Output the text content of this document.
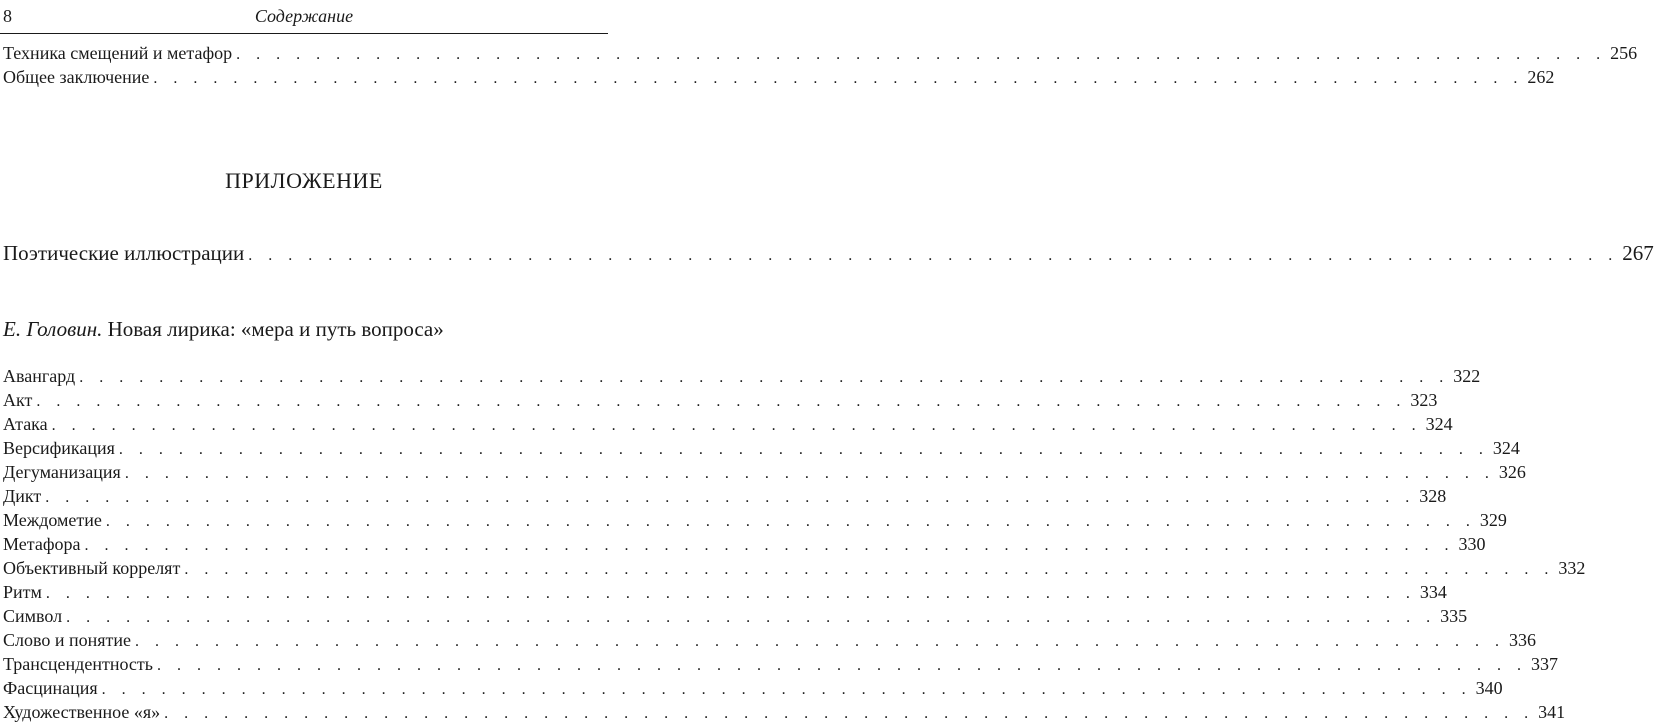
8	Содержание
Техника смещений и метафор . . . . . . . . . . . . . . . . . . . . . . . . . . . . . . . . . . . . . . . . . . . . . . . . . . . . . . . . . . . . . . . . . . . . . 256
Общее заключение . . . . . . . . . . . . . . . . . . . . . . . . . . . . . . . . . . . . . . . . . . . . . . . . . . . . . . . . . . . . . . . . . . . . . 262
ПРИЛОЖЕНИЕ
Поэтические иллюстрации . . . . . . . . . . . . . . . . . . . . . . . . . . . . . . . . . . . . . . . . . . . . . . . . . . . . . . . . . . . . . . . . . . . . . 267
Е. Головин. Новая лирика: «мера и путь вопроса»
Авангард . . . . . . . . . . . . . . . . . . . . . . . . . . . . . . . . . . . . . . . . . . . . . . . . . . . . . . . . . . . . . . . . . . . . . 322
Акт . . . . . . . . . . . . . . . . . . . . . . . . . . . . . . . . . . . . . . . . . . . . . . . . . . . . . . . . . . . . . . . . . . . . . 323
Атака . . . . . . . . . . . . . . . . . . . . . . . . . . . . . . . . . . . . . . . . . . . . . . . . . . . . . . . . . . . . . . . . . . . . . 324
Версификация . . . . . . . . . . . . . . . . . . . . . . . . . . . . . . . . . . . . . . . . . . . . . . . . . . . . . . . . . . . . . . . . . . . . . 324
Дегуманизация . . . . . . . . . . . . . . . . . . . . . . . . . . . . . . . . . . . . . . . . . . . . . . . . . . . . . . . . . . . . . . . . . . . . . 326
Дикт . . . . . . . . . . . . . . . . . . . . . . . . . . . . . . . . . . . . . . . . . . . . . . . . . . . . . . . . . . . . . . . . . . . . . 328
Междометие . . . . . . . . . . . . . . . . . . . . . . . . . . . . . . . . . . . . . . . . . . . . . . . . . . . . . . . . . . . . . . . . . . . . . 329
Метафора . . . . . . . . . . . . . . . . . . . . . . . . . . . . . . . . . . . . . . . . . . . . . . . . . . . . . . . . . . . . . . . . . . . . . 330
Объективный коррелят . . . . . . . . . . . . . . . . . . . . . . . . . . . . . . . . . . . . . . . . . . . . . . . . . . . . . . . . . . . . . . . . . . . . . 332
Ритм . . . . . . . . . . . . . . . . . . . . . . . . . . . . . . . . . . . . . . . . . . . . . . . . . . . . . . . . . . . . . . . . . . . . . 334
Символ . . . . . . . . . . . . . . . . . . . . . . . . . . . . . . . . . . . . . . . . . . . . . . . . . . . . . . . . . . . . . . . . . . . . . 335
Слово и понятие . . . . . . . . . . . . . . . . . . . . . . . . . . . . . . . . . . . . . . . . . . . . . . . . . . . . . . . . . . . . . . . . . . . . . 336
Трансцендентность . . . . . . . . . . . . . . . . . . . . . . . . . . . . . . . . . . . . . . . . . . . . . . . . . . . . . . . . . . . . . . . . . . . . . 337
Фасцинация . . . . . . . . . . . . . . . . . . . . . . . . . . . . . . . . . . . . . . . . . . . . . . . . . . . . . . . . . . . . . . . . . . . . . 340
Художественное «я» . . . . . . . . . . . . . . . . . . . . . . . . . . . . . . . . . . . . . . . . . . . . . . . . . . . . . . . . . . . . . . . . . . . . . 341
